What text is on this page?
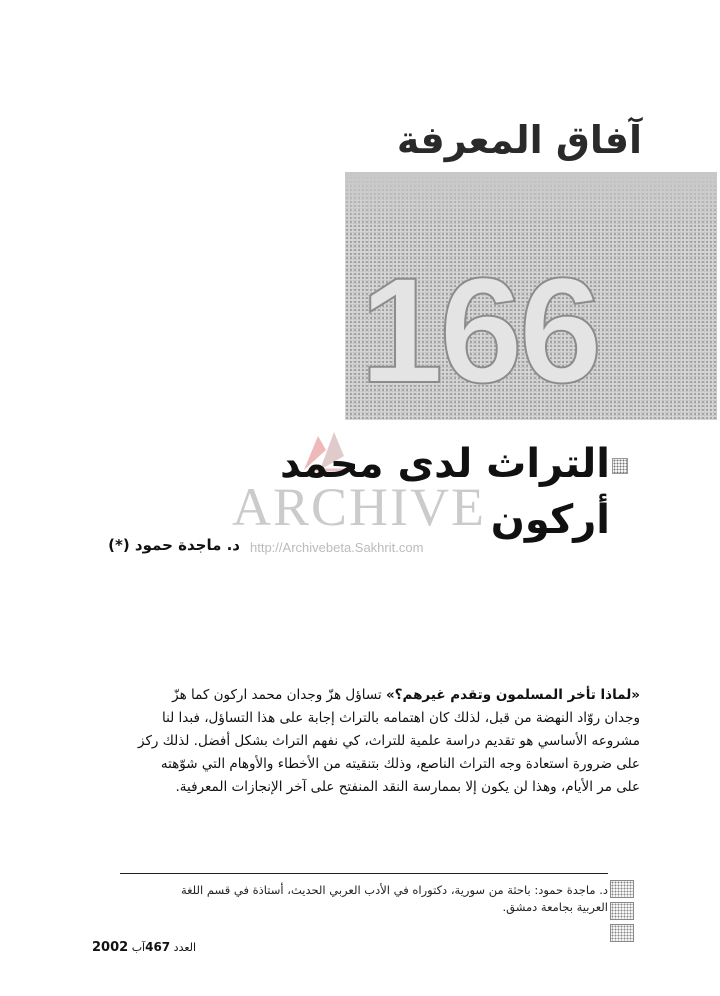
آفاق المعرفة
166
التراث لدى محمد أركون
ARCHIVE
http://Archivebeta.Sakhrit.com
د. ماجدة حمود (*)
«لماذا تأخر المسلمون وتقدم غيرهم؟» تساؤل هزّ وجدان محمد اركون كما هزّ
وجدان روّاد النهضة من قبل، لذلك كان اهتمامه بالتراث إجابة على هذا التساؤل، فبدا لنا
مشروعه الأساسي هو تقديم دراسة علمية للتراث، كي نفهم التراث بشكل أفضل. لذلك ركز
على ضرورة استعادة وجه التراث الناصع، وذلك بتنقيته من الأخطاء والأوهام التي شوّهته
على مر الأيام، وهذا لن يكون إلا بممارسة النقد المنفتح على آخر الإنجازات المعرفية.
د. ماجدة حمود: باحثة من سورية، دكتوراه في الأدب العربي الحديث، أستاذة في قسم اللغة
العربية بجامعة دمشق.
العدد 467آب 2002
